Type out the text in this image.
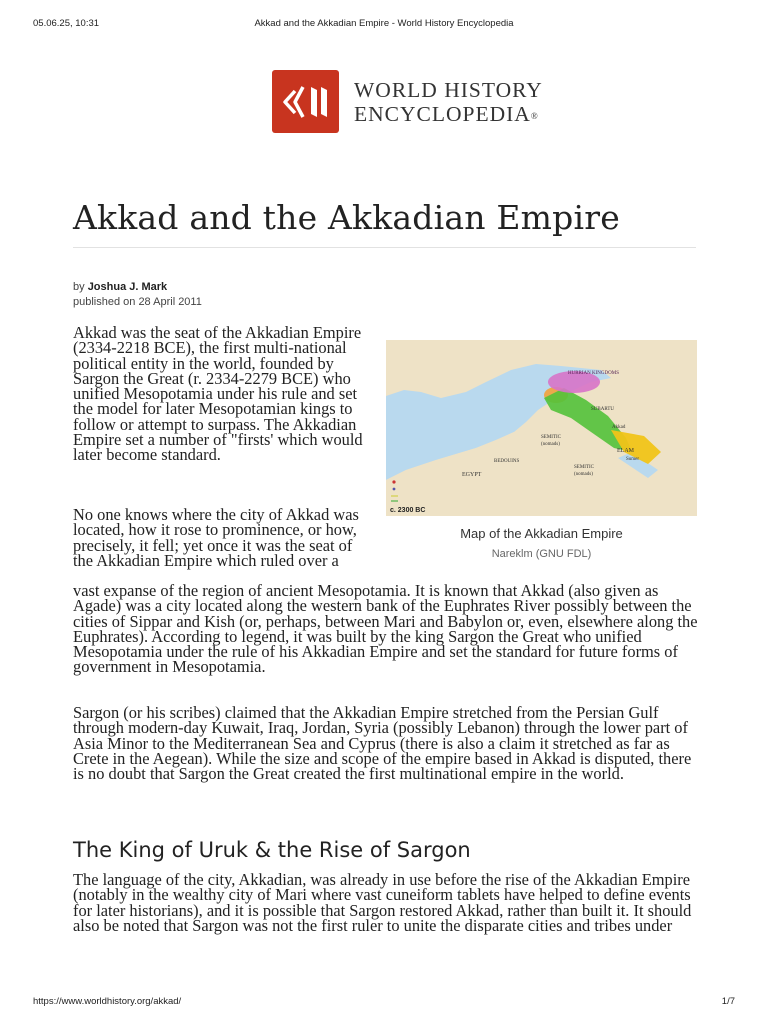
05.06.25, 10:31	Akkad and the Akkadian Empire - World History Encyclopedia
WORLD HISTORY
ENCYCLOPEDIA®
Akkad and the Akkadian Empire
by Joshua J. Mark
published on 28 April 2011

Akkad was the seat of the Akkadian Empire (2334-2218 BCE), the first multi-national political entity in the world, founded by Sargon the Great (r. 2334-2279 BCE) who unified Mesopotamia under his rule and set the model for later Mesopotamian kings to follow or attempt to surpass. The Akkadian Empire set a number of "firsts' which would later become standard.

No one knows where the city of Akkad was located, how it rose to prominence, or how, precisely, it fell; yet once it was the seat of the Akkadian Empire which ruled over a

vast expanse of the region of ancient Mesopotamia. It is known that Akkad (also given as Agade) was a city located along the western bank of the Euphrates River possibly between the cities of Sippar and Kish (or, perhaps, between Mari and Babylon or, even, elsewhere along the Euphrates). According to legend, it was built by the king Sargon the Great who unified Mesopotamia under the rule of his Akkadian Empire and set the standard for future forms of government in Mesopotamia.

Sargon (or his scribes) claimed that the Akkadian Empire stretched from the Persian Gulf through modern-day Kuwait, Iraq, Jordan, Syria (possibly Lebanon) through the lower part of Asia Minor to the Mediterranean Sea and Cyprus (there is also a claim it stretched as far as Crete in the Aegean). While the size and scope of the empire based in Akkad is disputed, there is no doubt that Sargon the Great created the first multinational empire in the world.

HURRIAN KINGDOMS
SUBARTU
Akkad
Sumer
ELAM
SEMITIC
(nomads)
SEMITIC
(nomads)
BEDOUINS
EGYPT
c. 2300 BC
Map of the Akkadian Empire
Nareklm (GNU FDL)
The King of Uruk & the Rise of Sargon

The language of the city, Akkadian, was already in use before the rise of the Akkadian Empire (notably in the wealthy city of Mari where vast cuneiform tablets have helped to define events for later historians), and it is possible that Sargon restored Akkad, rather than built it. It should also be noted that Sargon was not the first ruler to unite the disparate cities and tribes under

https://www.worldhistory.org/akkad/	1/7
